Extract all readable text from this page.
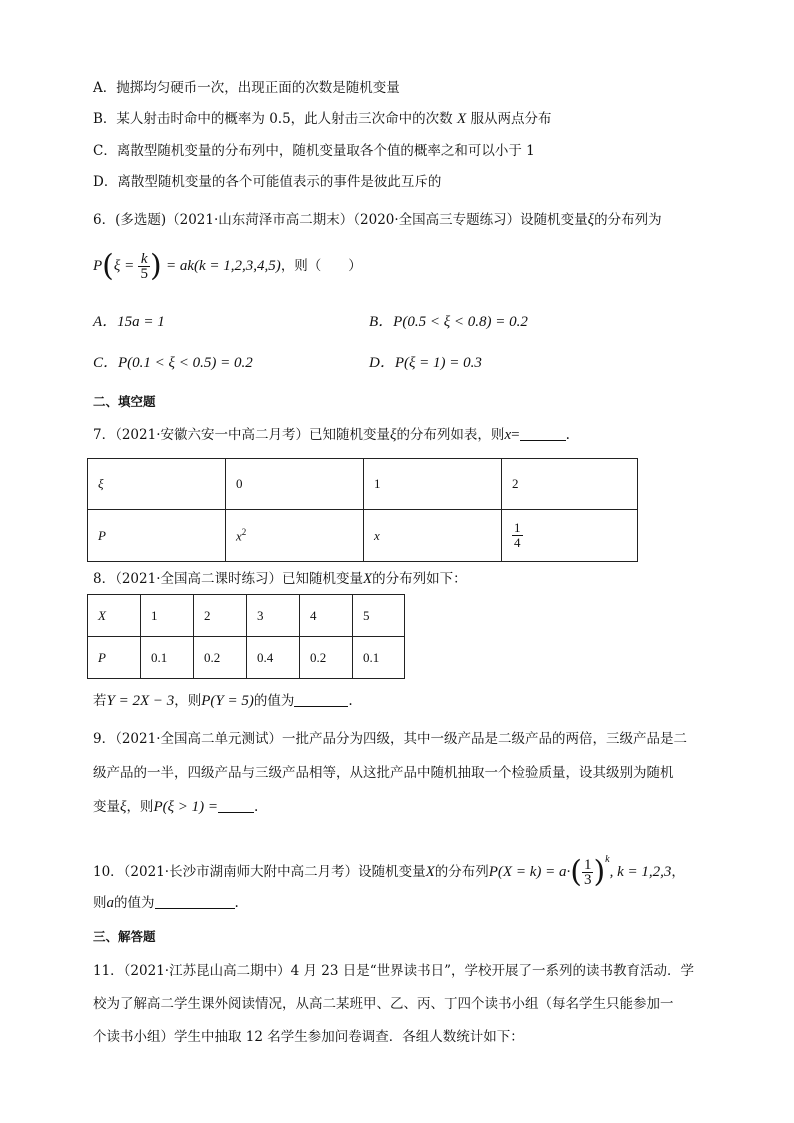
A．抛掷均匀硬币一次，出现正面的次数是随机变量
B．某人射击时命中的概率为 0.5，此人射击三次命中的次数 X 服从两点分布
C．离散型随机变量的分布列中，随机变量取各个值的概率之和可以小于 1
D．离散型随机变量的各个可能值表示的事件是彼此互斥的
6．(多选题)（2021·山东菏泽市高二期末）（2020·全国高三专题练习）设随机变量ξ的分布列为
$P(\xi = \frac{k}{5}$ ) = ak(k = 1,2,3,4,5)，则（　　）
A．15a = 1	B．P(0.5 < ξ < 0.8) = 0.2
C．P(0.1 < ξ < 0.5) = 0.2	D．P(ξ = 1) = 0.3
二、填空题
7．（2021·安徽六安一中高二月考）已知随机变量ξ的分布列如表，则x=	.
ξ	0	1	2
P	$x^2$	x	$\frac{1}{4}$
8．（2021·全国高二课时练习）已知随机变量X的分布列如下：
X	1	2	3	4	5
P	0.1	0.2	0.4	0.2	0.1
若Y = 2X − 3，则P(Y = 5)的值为	.
9．（2021·全国高二单元测试）一批产品分为四级，其中一级产品是二级产品的两倍，三级产品是二
级产品的一半，四级产品与三级产品相等，从这批产品中随机抽取一个检验质量，设其级别为随机
变量ξ，则P(ξ > 1) =	.
10．（2021·长沙市湖南师大附中高二月考）设随机变量X的分布列$P(X = k) = a\cdot( \frac{1}{3} )^k$, k = 1,2,3，
则a的值为	.
三、解答题
11．（2021·江苏昆山高二期中）4 月 23 日是“世界读书日”，学校开展了一系列的读书教育活动．学
校为了解高二学生课外阅读情况，从高二某班甲、乙、丙、丁四个读书小组（每名学生只能参加一
个读书小组）学生中抽取 12 名学生参加问卷调查．各组人数统计如下：
